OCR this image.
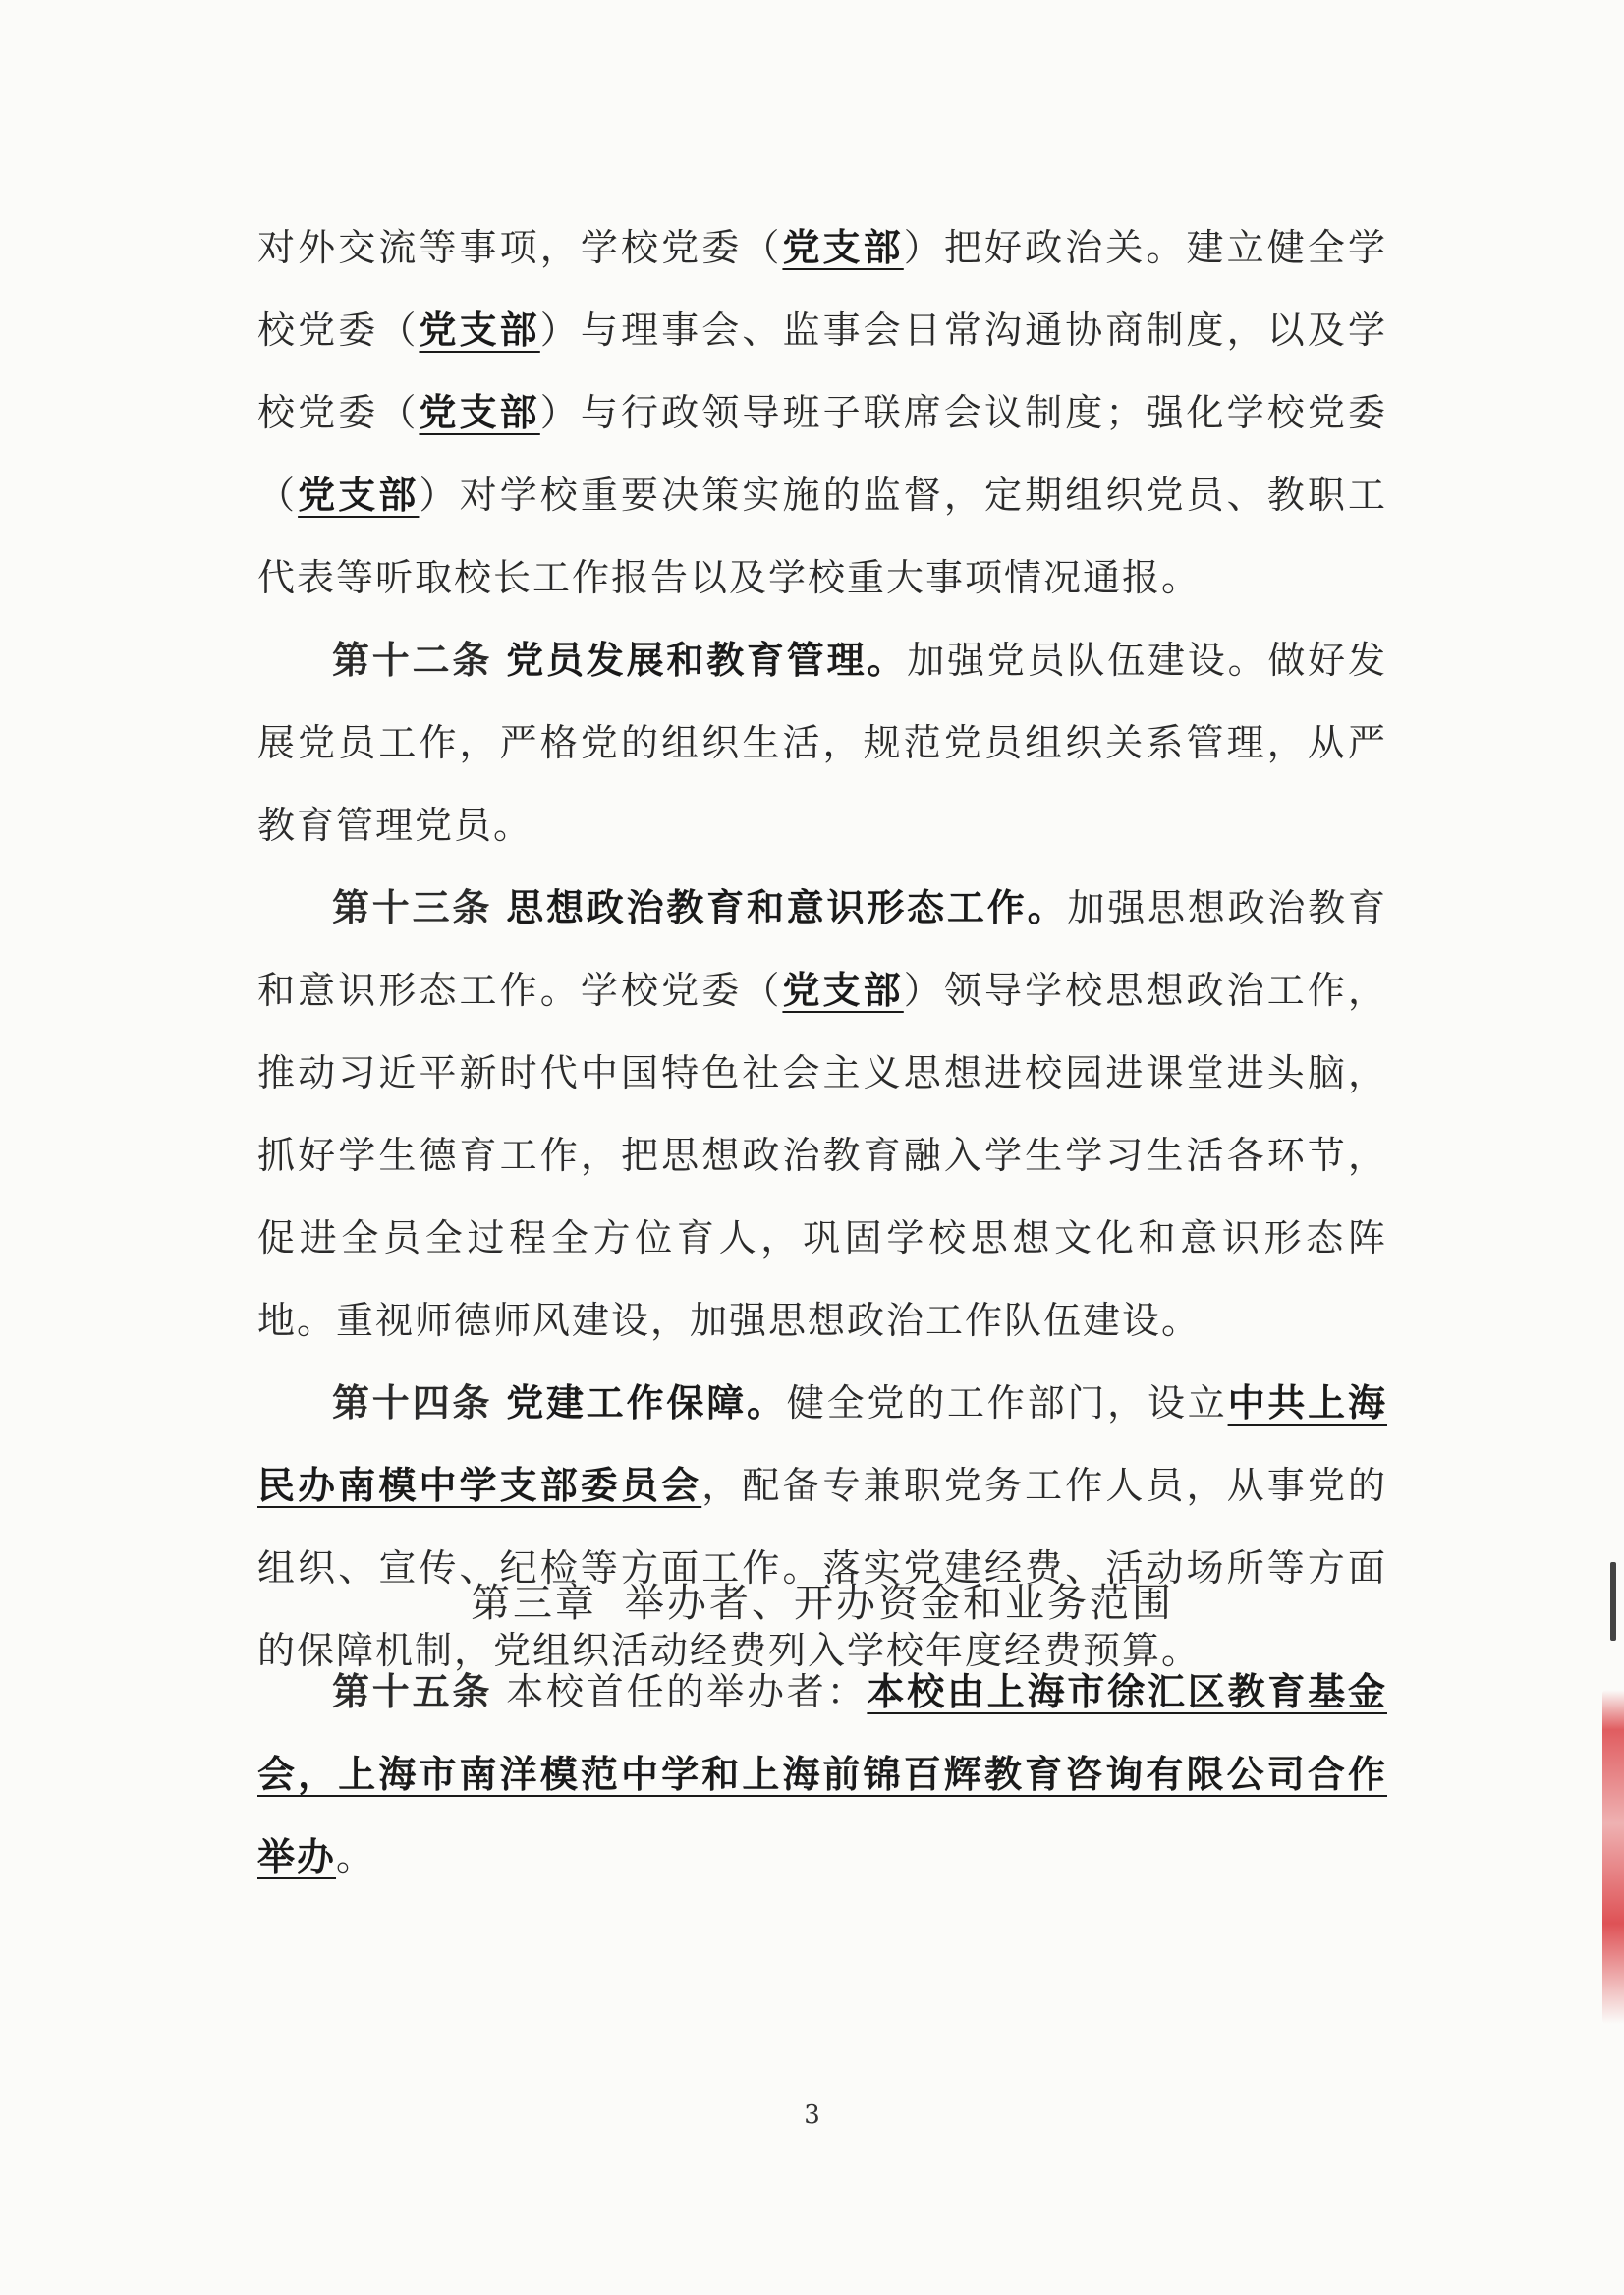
对外交流等事项，学校党委（党支部）把好政治关。建立健全学校党委（党支部）与理事会、监事会日常沟通协商制度，以及学校党委（党支部）与行政领导班子联席会议制度；强化学校党委（党支部）对学校重要决策实施的监督，定期组织党员、教职工代表等听取校长工作报告以及学校重大事项情况通报。

第十二条 党员发展和教育管理。加强党员队伍建设。做好发展党员工作，严格党的组织生活，规范党员组织关系管理，从严教育管理党员。

第十三条 思想政治教育和意识形态工作。加强思想政治教育和意识形态工作。学校党委（党支部）领导学校思想政治工作，推动习近平新时代中国特色社会主义思想进校园进课堂进头脑，抓好学生德育工作，把思想政治教育融入学生学习生活各环节，促进全员全过程全方位育人，巩固学校思想文化和意识形态阵地。重视师德师风建设，加强思想政治工作队伍建设。

第十四条 党建工作保障。健全党的工作部门，设立中共上海民办南模中学支部委员会，配备专兼职党务工作人员，从事党的组织、宣传、纪检等方面工作。落实党建经费、活动场所等方面的保障机制，党组织活动经费列入学校年度经费预算。

第三章 举办者、开办资金和业务范围

第十五条 本校首任的举办者：本校由上海市徐汇区教育基金会，上海市南洋模范中学和上海前锦百辉教育咨询有限公司合作举办。

3
